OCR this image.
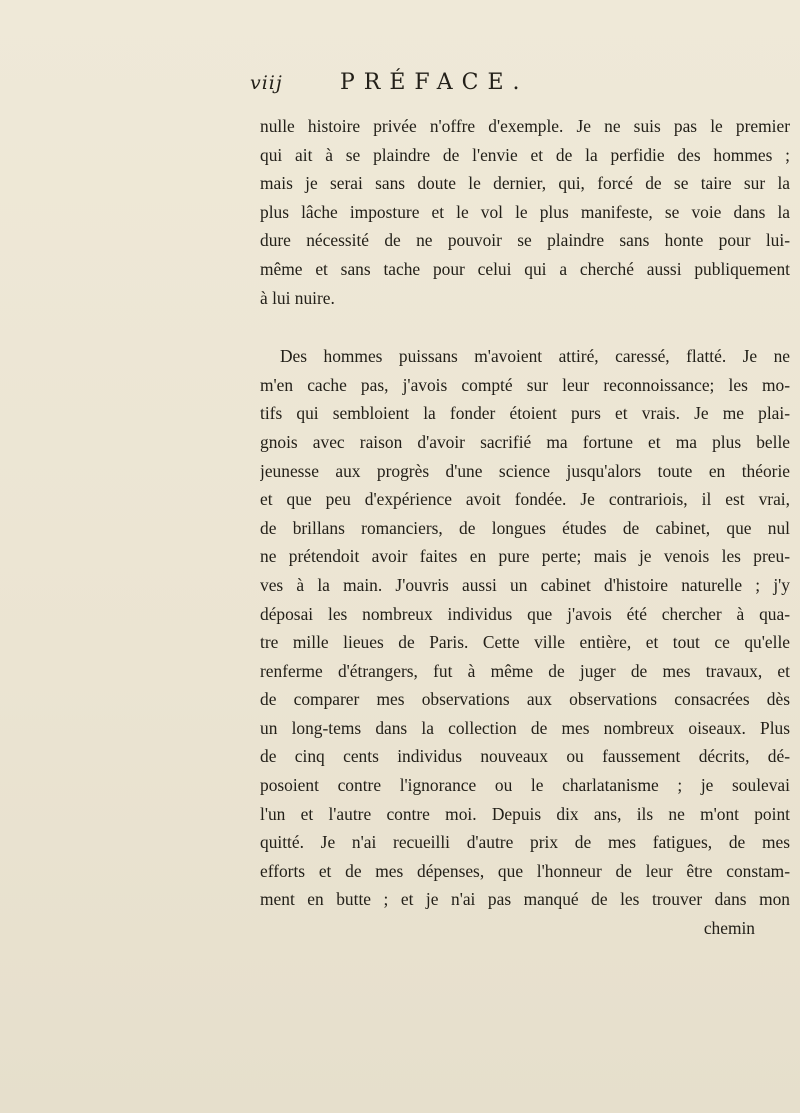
viij	PRÉFACE.
nulle histoire privée n'offre d'exemple. Je ne suis pas le premier
qui ait à se plaindre de l'envie et de la perfidie des hommes ;
mais je serai sans doute le dernier, qui, forcé de se taire sur la
plus lâche imposture et le vol le plus manifeste, se voie dans la
dure nécessité de ne pouvoir se plaindre sans honte pour lui-
même et sans tache pour celui qui a cherché aussi publiquement
à lui nuire.
Des hommes puissans m'avoient attiré, caressé, flatté. Je ne
m'en cache pas, j'avois compté sur leur reconnoissance; les mo-
tifs qui sembloient la fonder étoient purs et vrais. Je me plai-
gnois avec raison d'avoir sacrifié ma fortune et ma plus belle
jeunesse aux progrès d'une science jusqu'alors toute en théorie
et que peu d'expérience avoit fondée. Je contrariois, il est vrai,
de brillans romanciers, de longues études de cabinet, que nul
ne prétendoit avoir faites en pure perte; mais je venois les preu-
ves à la main. J'ouvris aussi un cabinet d'histoire naturelle ; j'y
déposai les nombreux individus que j'avois été chercher à qua-
tre mille lieues de Paris. Cette ville entière, et tout ce qu'elle
renferme d'étrangers, fut à même de juger de mes travaux, et
de comparer mes observations aux observations consacrées dès
un long-tems dans la collection de mes nombreux oiseaux. Plus
de cinq cents individus nouveaux ou faussement décrits, dé-
posoient contre l'ignorance ou le charlatanisme ; je soulevai
l'un et l'autre contre moi. Depuis dix ans, ils ne m'ont point
quitté. Je n'ai recueilli d'autre prix de mes fatigues, de mes
efforts et de mes dépenses, que l'honneur de leur être constam-
ment en butte ; et je n'ai pas manqué de les trouver dans mon
chemin
